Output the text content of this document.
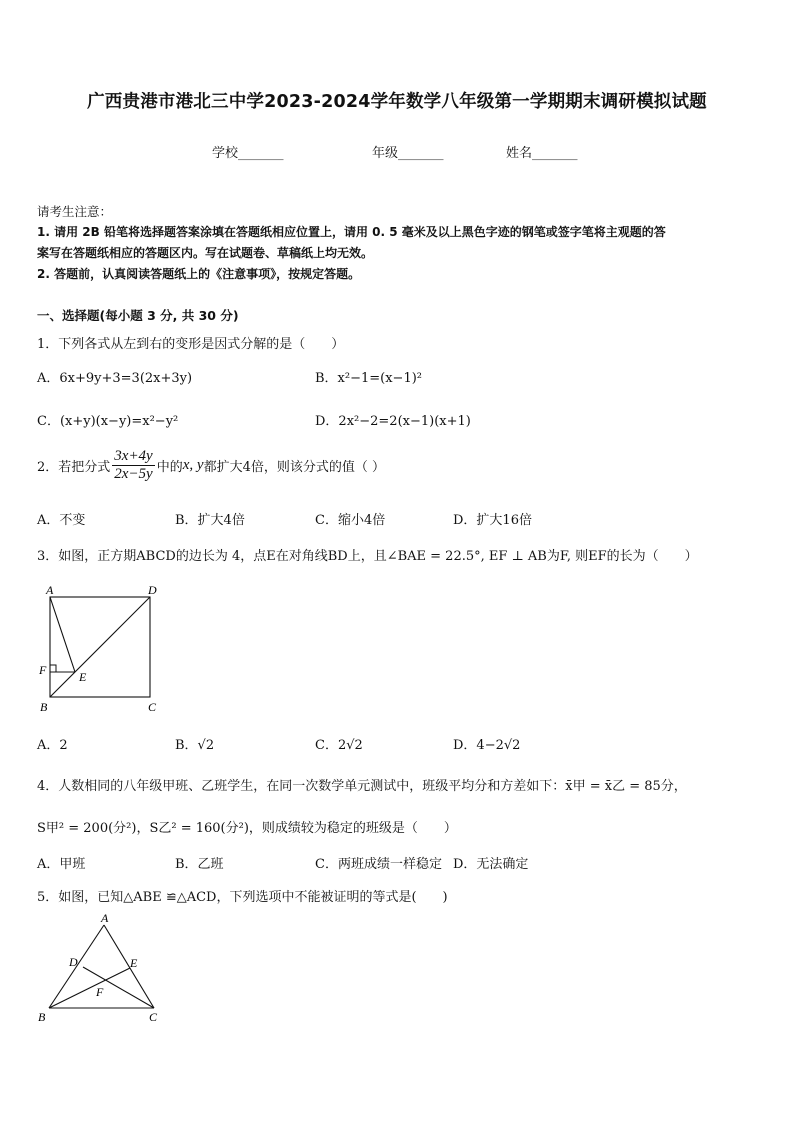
广西贵港市港北三中学2023-2024学年数学八年级第一学期期末调研模拟试题
学校_______	年级_______	姓名_______
请考生注意：
1. 请用 2B 铅笔将选择题答案涂填在答题纸相应位置上，请用 0. 5 毫米及以上黑色字迹的钢笔或签字笔将主观题的答
案写在答题纸相应的答题区内。写在试题卷、草稿纸上均无效。
2. 答题前，认真阅读答题纸上的《注意事项》，按规定答题。
一、选择题(每小题 3 分, 共 30 分)
1．下列各式从左到右的变形是因式分解的是（　　）
A．6x+9y+3=3(2x+3y)	B．x²−1=(x−1)²
C．(x+y)(x−y)=x²−y²	D．2x²−2=2(x−1)(x+1)
2．若把分式 $\frac{3x+4y}{2x-5y}$ 中的x, y都扩大4倍，则该分式的值（ ）
A．不变	B．扩大4倍	C．缩小4倍	D．扩大16倍
3．如图，正方期ABCD的边长为 4，点E在对角线BD上，且∠BAE = 22.5°, EF ⊥ AB为F, 则EF的长为（　　）
A	D
B	C
F	E
A．2	B．√2	C．2√2	D．4−2√2
4．人数相同的八年级甲班、乙班学生，在同一次数学单元测试中，班级平均分和方差如下：x̄甲 = x̄乙 = 85分，
S甲² = 200(分²)，S乙² = 160(分²)，则成绩较为稳定的班级是（　　）
A．甲班	B．乙班	C．两班成绩一样稳定 D．无法确定
5．如图，已知△ABE ≌△ACD，下列选项中不能被证明的等式是(　　)
A
D	E
F
B	C
